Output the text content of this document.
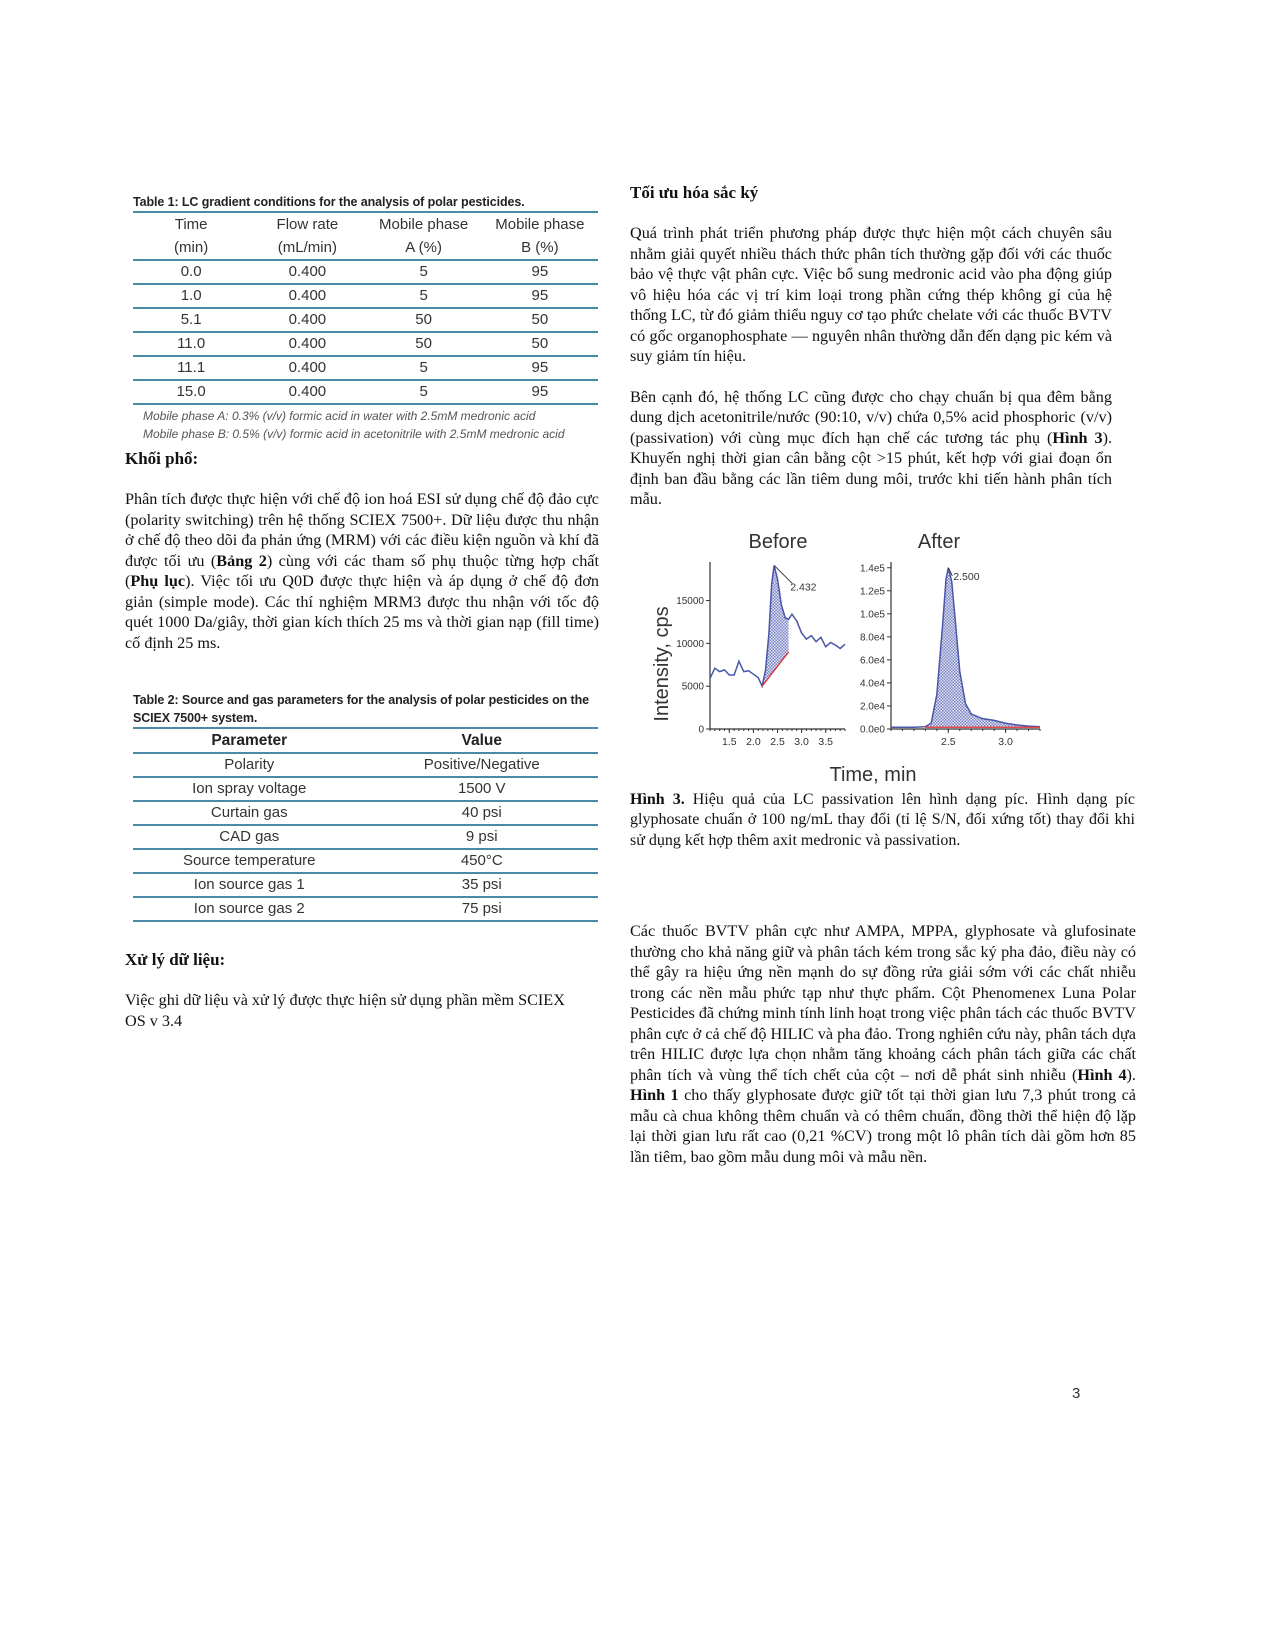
Table 1: LC gradient conditions for the analysis of polar pesticides.
Time	Flow rate	Mobile phase	Mobile phase
(min)	(mL/min)	A (%)	B (%)
0.0	0.400	5	95
1.0	0.400	5	95
5.1	0.400	50	50
11.0	0.400	50	50
11.1	0.400	5	95
15.0	0.400	5	95
Mobile phase A: 0.3% (v/v) formic acid in water with 2.5mM medronic acid
Mobile phase B: 0.5% (v/v) formic acid in acetonitrile with 2.5mM medronic acid
Khối phổ:

Phân tích được thực hiện với chế độ ion hoá ESI sử dụng chế độ đảo cực (polarity switching) trên hệ thống SCIEX 7500+. Dữ liệu được thu nhận ở chế độ theo dõi đa phản ứng (MRM) với các điều kiện nguồn và khí đã được tối ưu (Bảng 2) cùng với các tham số phụ thuộc từng hợp chất (Phụ lục). Việc tối ưu Q0D được thực hiện và áp dụng ở chế độ đơn giản (simple mode). Các thí nghiệm MRM3 được thu nhận với tốc độ quét 1000 Da/giây, thời gian kích thích 25 ms và thời gian nạp (fill time) cố định 25 ms.

Table 2: Source and gas parameters for the analysis of polar pesticides on the SCIEX 7500+ system.
Parameter	Value
Polarity	Positive/Negative
Ion spray voltage	1500 V
Curtain gas	40 psi
CAD gas	9 psi
Source temperature	450°C
Ion source gas 1	35 psi
Ion source gas 2	75 psi
Xử lý dữ liệu:

Việc ghi dữ liệu và xử lý được thực hiện sử dụng phần mềm SCIEX OS v 3.4

Tối ưu hóa sắc ký

Quá trình phát triển phương pháp được thực hiện một cách chuyên sâu nhằm giải quyết nhiều thách thức phân tích thường gặp đối với các thuốc bảo vệ thực vật phân cực. Việc bổ sung medronic acid vào pha động giúp vô hiệu hóa các vị trí kim loại trong phần cứng thép không gỉ của hệ thống LC, từ đó giảm thiểu nguy cơ tạo phức chelate với các thuốc BVTV có gốc organophosphate — nguyên nhân thường dẫn đến dạng pic kém và suy giảm tín hiệu.

Bên cạnh đó, hệ thống LC cũng được cho chạy chuẩn bị qua đêm bằng dung dịch acetonitrile/nước (90:10, v/v) chứa 0,5% acid phosphoric (v/v) (passivation) với cùng mục đích hạn chế các tương tác phụ (Hình 3). Khuyến nghị thời gian cân bằng cột >15 phút, kết hợp với giai đoạn ổn định ban đầu bằng các lần tiêm dung môi, trước khi tiến hành phân tích mẫu.

Before	After
Time, min
Intensity, cps
0
5000
10000
15000
1.5 2.0 2.5 3.0 3.5
2.432
0.0e0
2.0e4
4.0e4
6.0e4
8.0e4
1.0e5
1.2e5
1.4e5
2.5	3.0
2.500

Hình 3. Hiệu quả của LC passivation lên hình dạng píc. Hình dạng píc glyphosate chuẩn ở 100 ng/mL thay đổi (tỉ lệ S/N, đối xứng tốt) thay đổi khi sử dụng kết hợp thêm axit medronic và passivation.

Các thuốc BVTV phân cực như AMPA, MPPA, glyphosate và glufosinate thường cho khả năng giữ và phân tách kém trong sắc ký pha đảo, điều này có thể gây ra hiệu ứng nền mạnh do sự đồng rửa giải sớm với các chất nhiễu trong các nền mẫu phức tạp như thực phẩm. Cột Phenomenex Luna Polar Pesticides đã chứng minh tính linh hoạt trong việc phân tách các thuốc BVTV phân cực ở cả chế độ HILIC và pha đảo. Trong nghiên cứu này, phân tách dựa trên HILIC được lựa chọn nhằm tăng khoảng cách phân tách giữa các chất phân tích và vùng thể tích chết của cột – nơi dễ phát sinh nhiễu (Hình 4). Hình 1 cho thấy glyphosate được giữ tốt tại thời gian lưu 7,3 phút trong cả mẫu cà chua không thêm chuẩn và có thêm chuẩn, đồng thời thể hiện độ lặp lại thời gian lưu rất cao (0,21 %CV) trong một lô phân tích dài gồm hơn 85 lần tiêm, bao gồm mẫu dung môi và mẫu nền.

3
